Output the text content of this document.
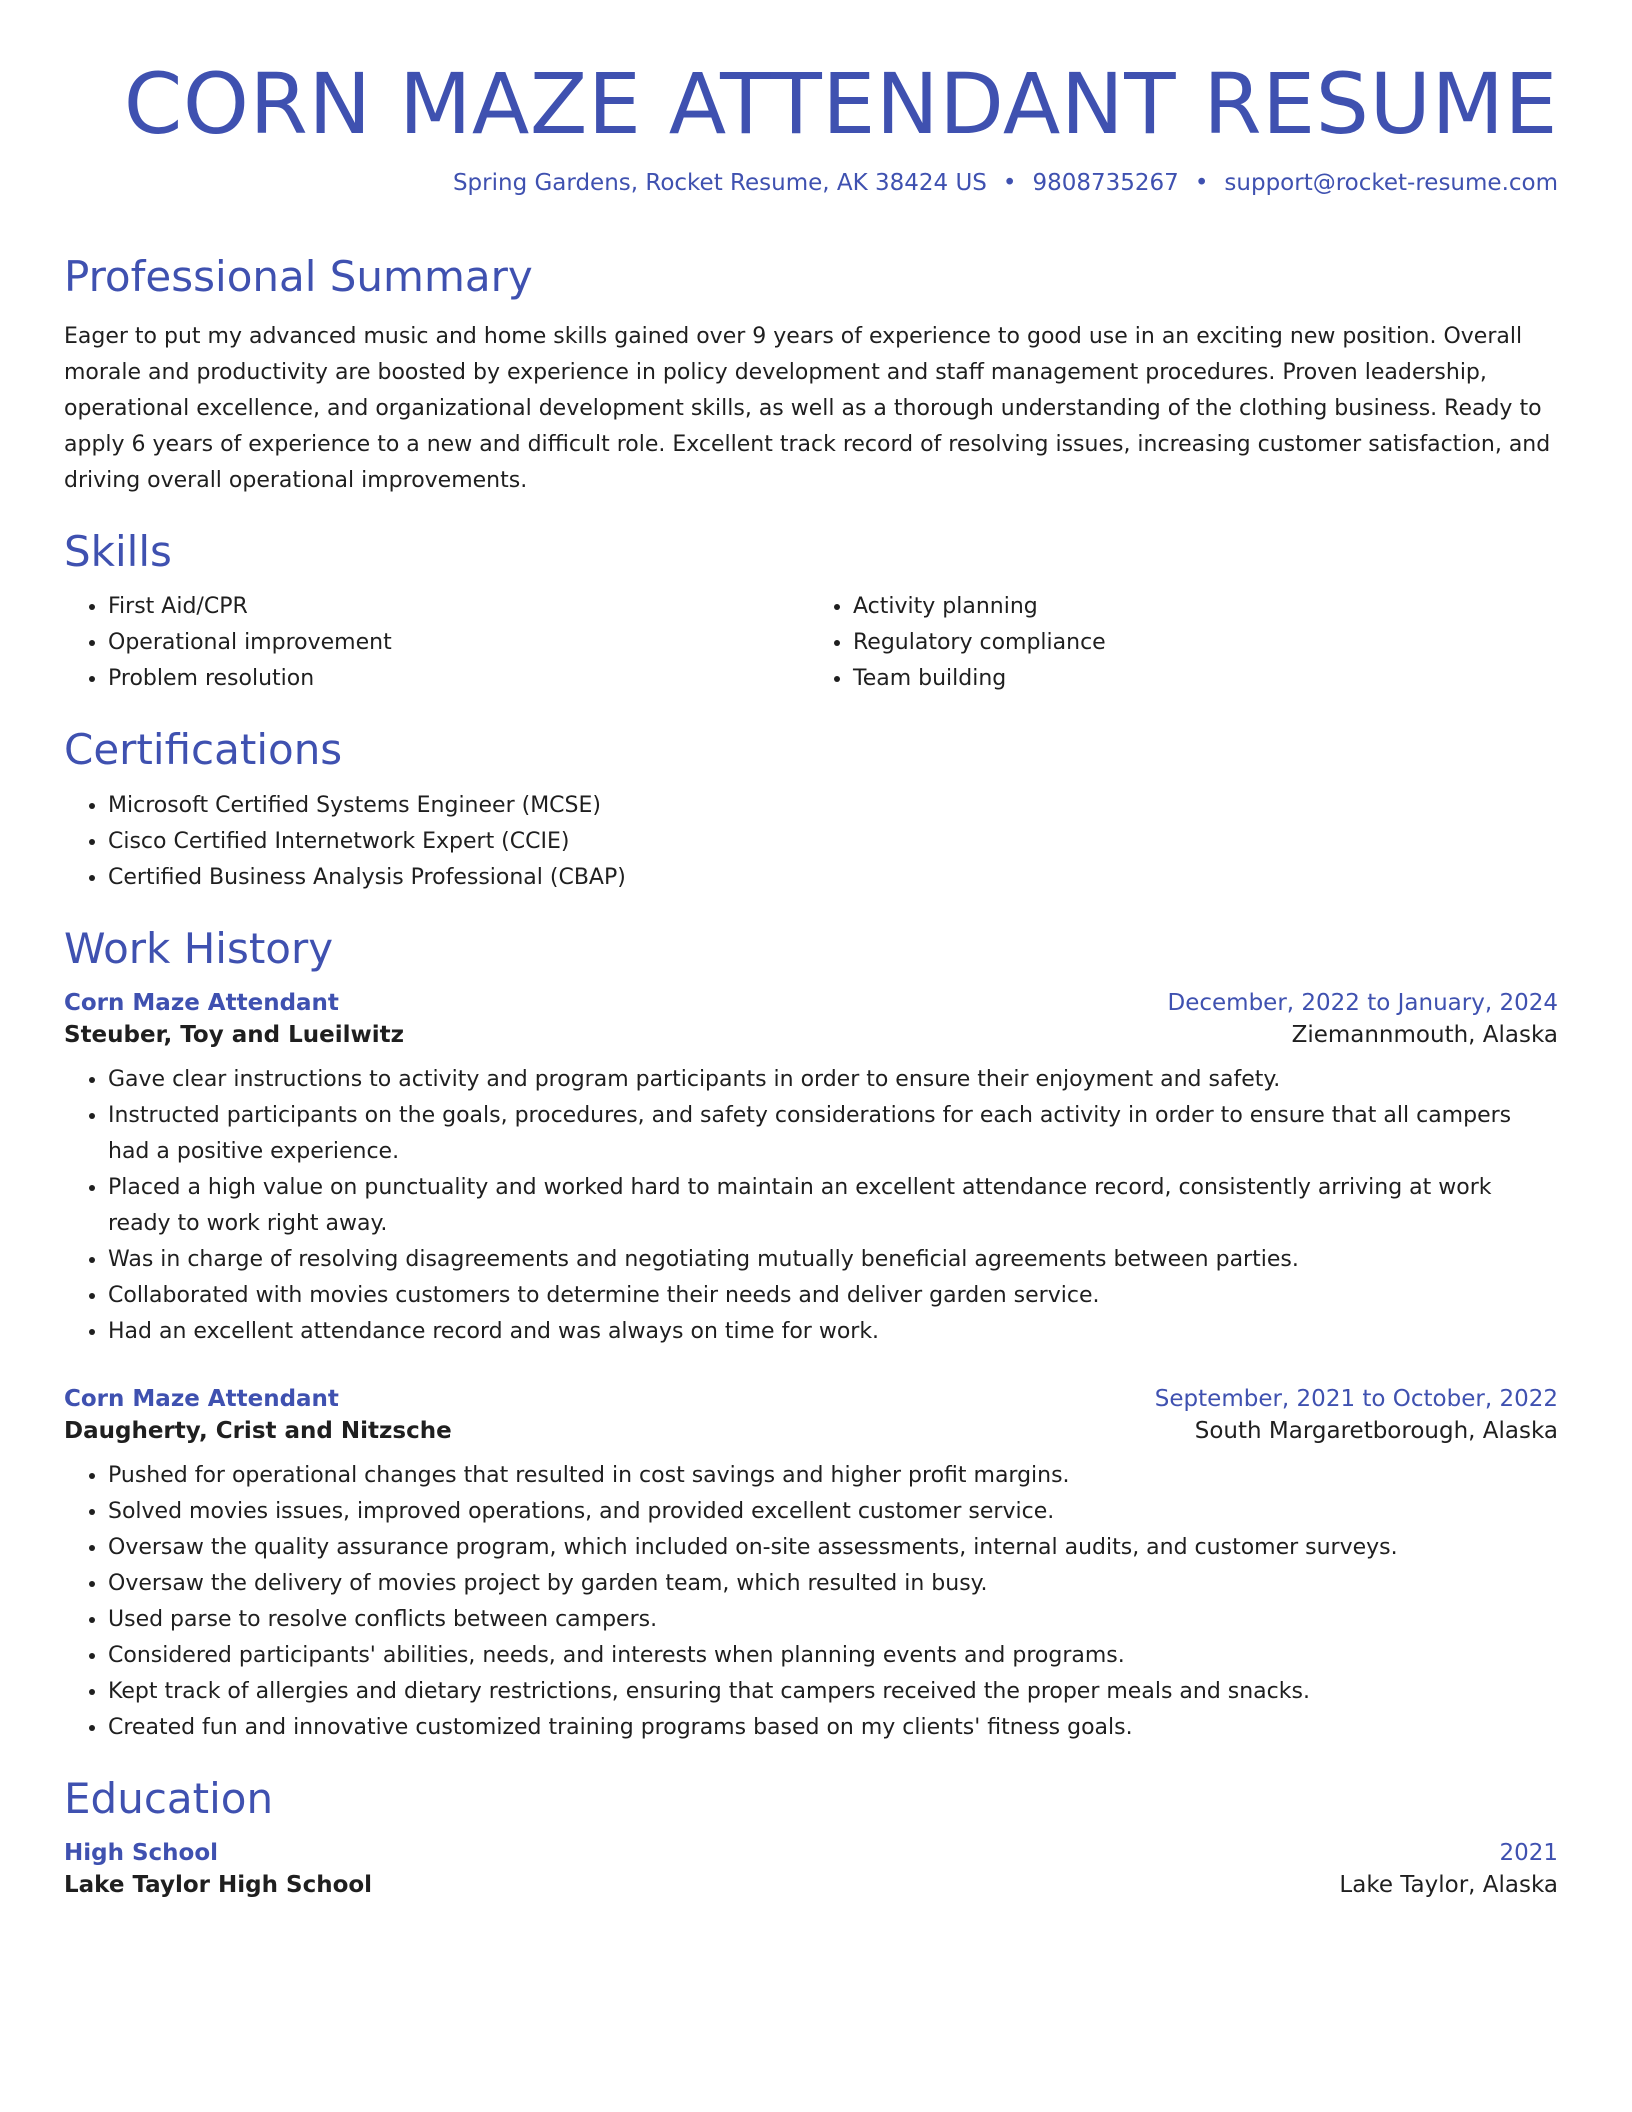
CORN MAZE ATTENDANT RESUME
Spring Gardens, Rocket Resume, AK 38424 US • 9808735267 • support@rocket-resume.com
Professional Summary

Eager to put my advanced music and home skills gained over 9 years of experience to good use in an exciting new position. Overall morale and productivity are boosted by experience in policy development and staff management procedures. Proven leadership, operational excellence, and organizational development skills, as well as a thorough understanding of the clothing business. Ready to apply 6 years of experience to a new and difficult role. Excellent track record of resolving issues, increasing customer satisfaction, and driving overall operational improvements.

Skills
• First Aid/CPR
• Operational improvement
• Problem resolution
• Activity planning
• Regulatory compliance
• Team building
Certifications
• Microsoft Certified Systems Engineer (MCSE)
• Cisco Certified Internetwork Expert (CCIE)
• Certified Business Analysis Professional (CBAP)
Work History
Corn Maze Attendant	December, 2022 to January, 2024
Steuber, Toy and Lueilwitz	Ziemannmouth, Alaska
• Gave clear instructions to activity and program participants in order to ensure their enjoyment and safety.
• Instructed participants on the goals, procedures, and safety considerations for each activity in order to ensure that all campers had a positive experience.
• Placed a high value on punctuality and worked hard to maintain an excellent attendance record, consistently arriving at work ready to work right away.
• Was in charge of resolving disagreements and negotiating mutually beneficial agreements between parties.
• Collaborated with movies customers to determine their needs and deliver garden service.
• Had an excellent attendance record and was always on time for work.
Corn Maze Attendant	September, 2021 to October, 2022
Daugherty, Crist and Nitzsche	South Margaretborough, Alaska
• Pushed for operational changes that resulted in cost savings and higher profit margins.
• Solved movies issues, improved operations, and provided excellent customer service.
• Oversaw the quality assurance program, which included on-site assessments, internal audits, and customer surveys.
• Oversaw the delivery of movies project by garden team, which resulted in busy.
• Used parse to resolve conflicts between campers.
• Considered participants' abilities, needs, and interests when planning events and programs.
• Kept track of allergies and dietary restrictions, ensuring that campers received the proper meals and snacks.
• Created fun and innovative customized training programs based on my clients' fitness goals.
Education
High School	2021
Lake Taylor High School	Lake Taylor, Alaska
